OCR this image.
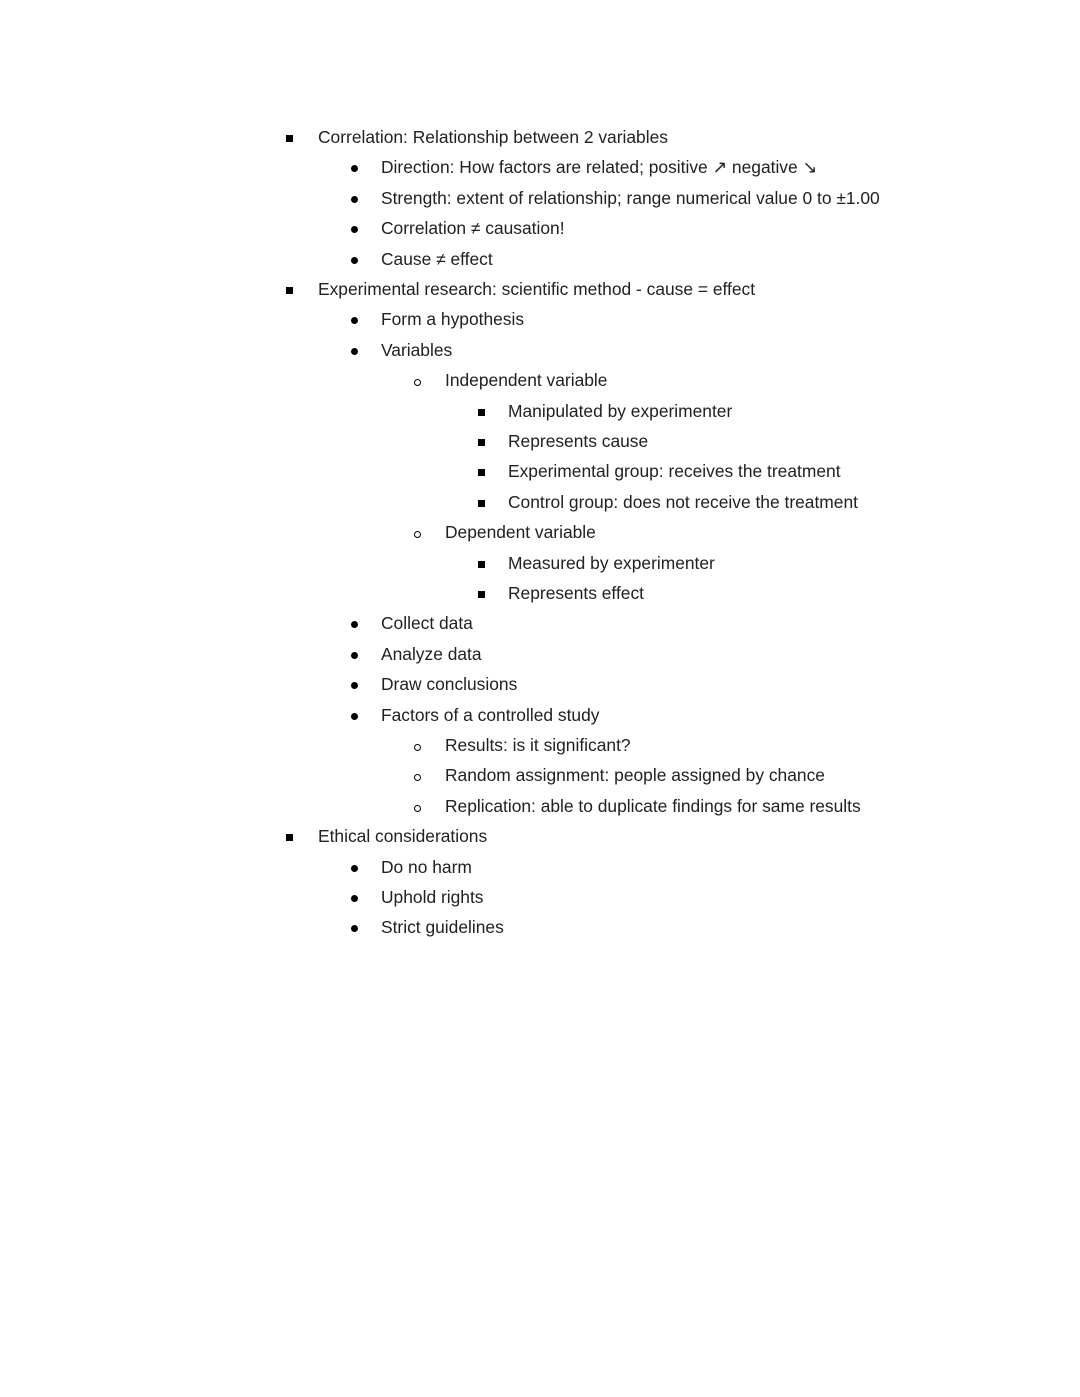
Correlation: Relationship between 2 variables
Direction: How factors are related; positive ↗ negative ↘
Strength: extent of relationship; range numerical value 0 to ±1.00
Correlation ≠ causation!
Cause ≠ effect
Experimental research: scientific method - cause = effect
Form a hypothesis
Variables
Independent variable
Manipulated by experimenter
Represents cause
Experimental group: receives the treatment
Control group: does not receive the treatment
Dependent variable
Measured by experimenter
Represents effect
Collect data
Analyze data
Draw conclusions
Factors of a controlled study
Results: is it significant?
Random assignment: people assigned by chance
Replication: able to duplicate findings for same results
Ethical considerations
Do no harm
Uphold rights
Strict guidelines
